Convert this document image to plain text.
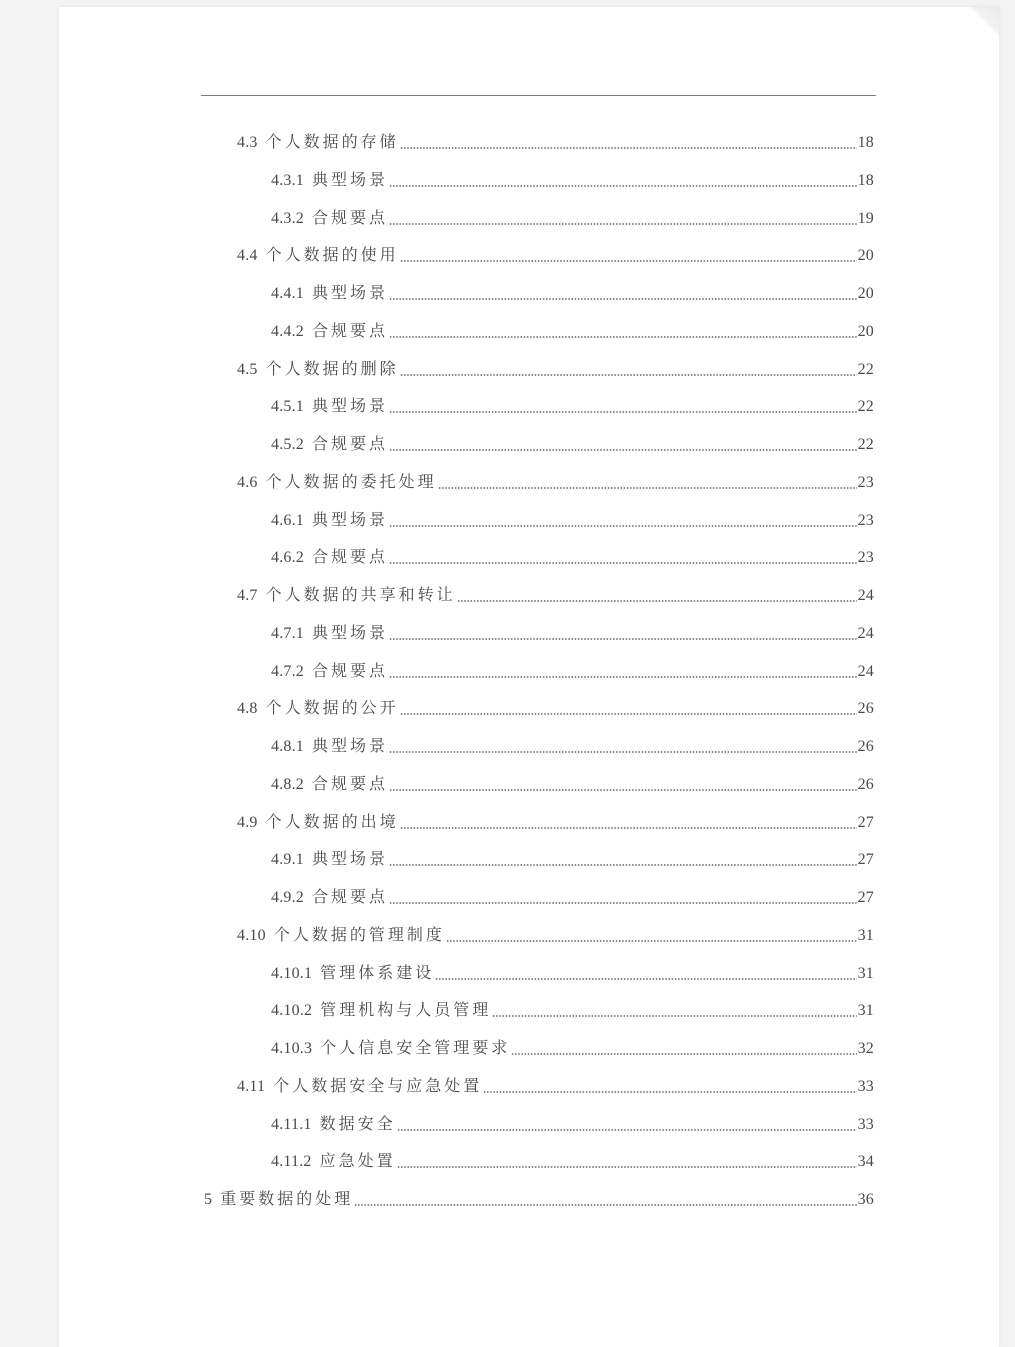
4.3 个人数据的存储	18
4.3.1 典型场景	18
4.3.2 合规要点	19
4.4 个人数据的使用	20
4.4.1 典型场景	20
4.4.2 合规要点	20
4.5 个人数据的删除	22
4.5.1 典型场景	22
4.5.2 合规要点	22
4.6 个人数据的委托处理	23
4.6.1 典型场景	23
4.6.2 合规要点	23
4.7 个人数据的共享和转让	24
4.7.1 典型场景	24
4.7.2 合规要点	24
4.8 个人数据的公开	26
4.8.1 典型场景	26
4.8.2 合规要点	26
4.9 个人数据的出境	27
4.9.1 典型场景	27
4.9.2 合规要点	27
4.10 个人数据的管理制度	31
4.10.1 管理体系建设	31
4.10.2 管理机构与人员管理	31
4.10.3 个人信息安全管理要求	32
4.11 个人数据安全与应急处置	33
4.11.1 数据安全	33
4.11.2 应急处置	34
5 重要数据的处理	36
